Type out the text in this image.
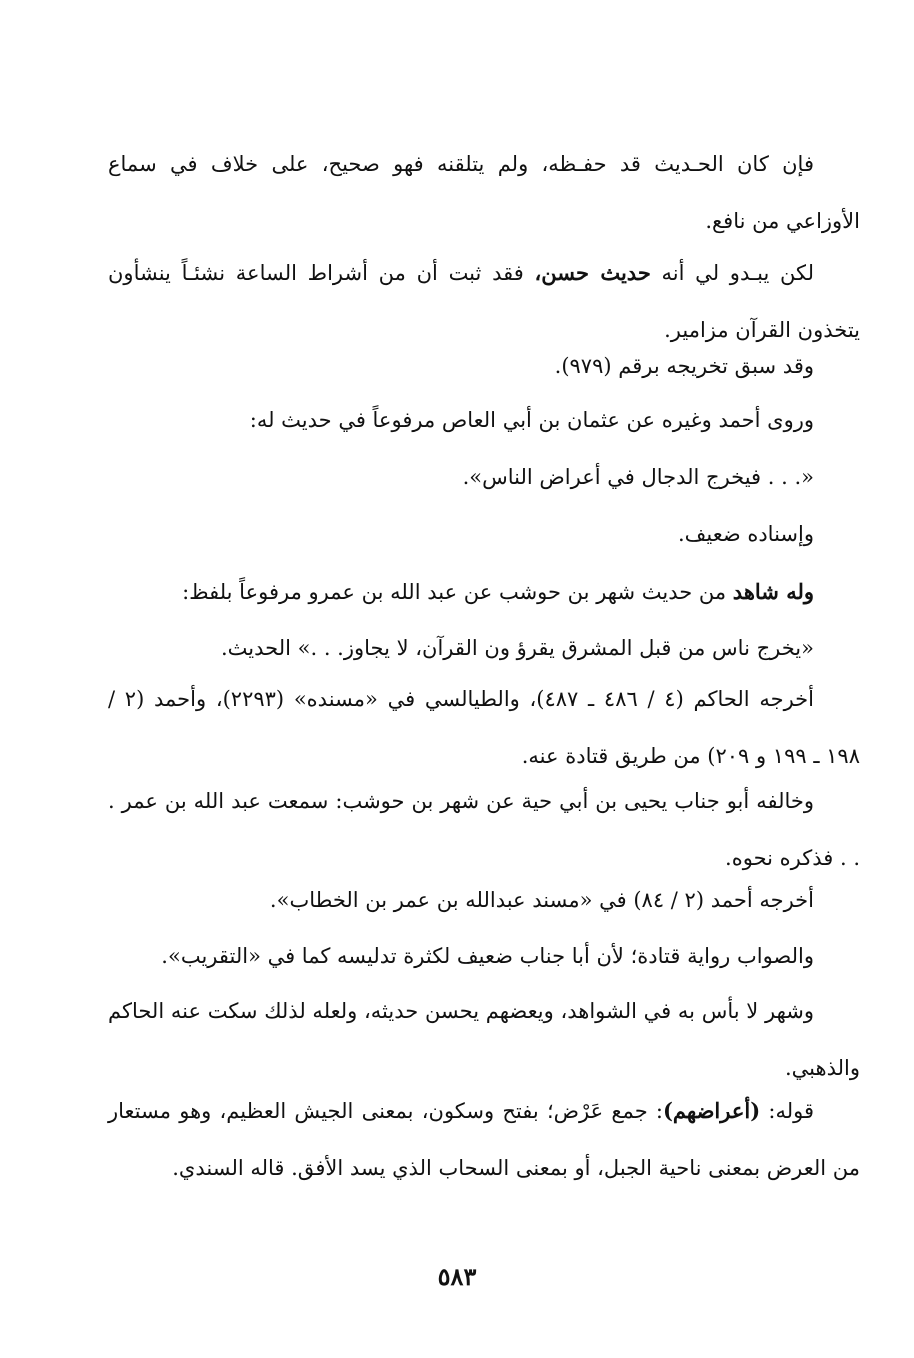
فإن كان الحـديث قد حفـظه، ولم يتلقنه فهو صحيح، على خلاف في سماع الأوزاعي من نافع.

لكن يبـدو لي أنه حديث حسن، فقد ثبت أن من أشراط الساعة نشئـاً ينشأون يتخذون القرآن مزامير.

وقد سبق تخريجه برقم (٩٧٩).

وروى أحمد وغيره عن عثمان بن أبي العاص مرفوعاً في حديث له:

«. . . فيخرج الدجال في أعراض الناس».

وإسناده ضعيف.

وله شاهد من حديث شهر بن حوشب عن عبد الله بن عمرو مرفوعاً بلفظ:

«يخرج ناس من قبل المشرق يقرؤ ون القرآن، لا يجاوز. . .» الحديث.

أخرجه الحاكم (٤ / ٤٨٦ ـ ٤٨٧)، والطيالسي في «مسنده» (٢٢٩٣)، وأحمد (٢ / ١٩٨ ـ ١٩٩ و ٢٠٩) من طريق قتادة عنه.

وخالفه أبو جناب يحيى بن أبي حية عن شهر بن حوشب: سمعت عبد الله بن عمر . . . فذكره نحوه.

أخرجه أحمد (٢ / ٨٤) في «مسند عبدالله بن عمر بن الخطاب».

والصواب رواية قتادة؛ لأن أبا جناب ضعيف لكثرة تدليسه كما في «التقريب».

وشهر لا بأس به في الشواهد، ويعضهم يحسن حديثه، ولعله لذلك سكت عنه الحاكم والذهبي.

قوله: (أعراضهم): جمع عَرْض؛ بفتح وسكون، بمعنى الجيش العظيم، وهو مستعار من العرض بمعنى ناحية الجبل، أو بمعنى السحاب الذي يسد الأفق. قاله السندي.

٥٨٣
